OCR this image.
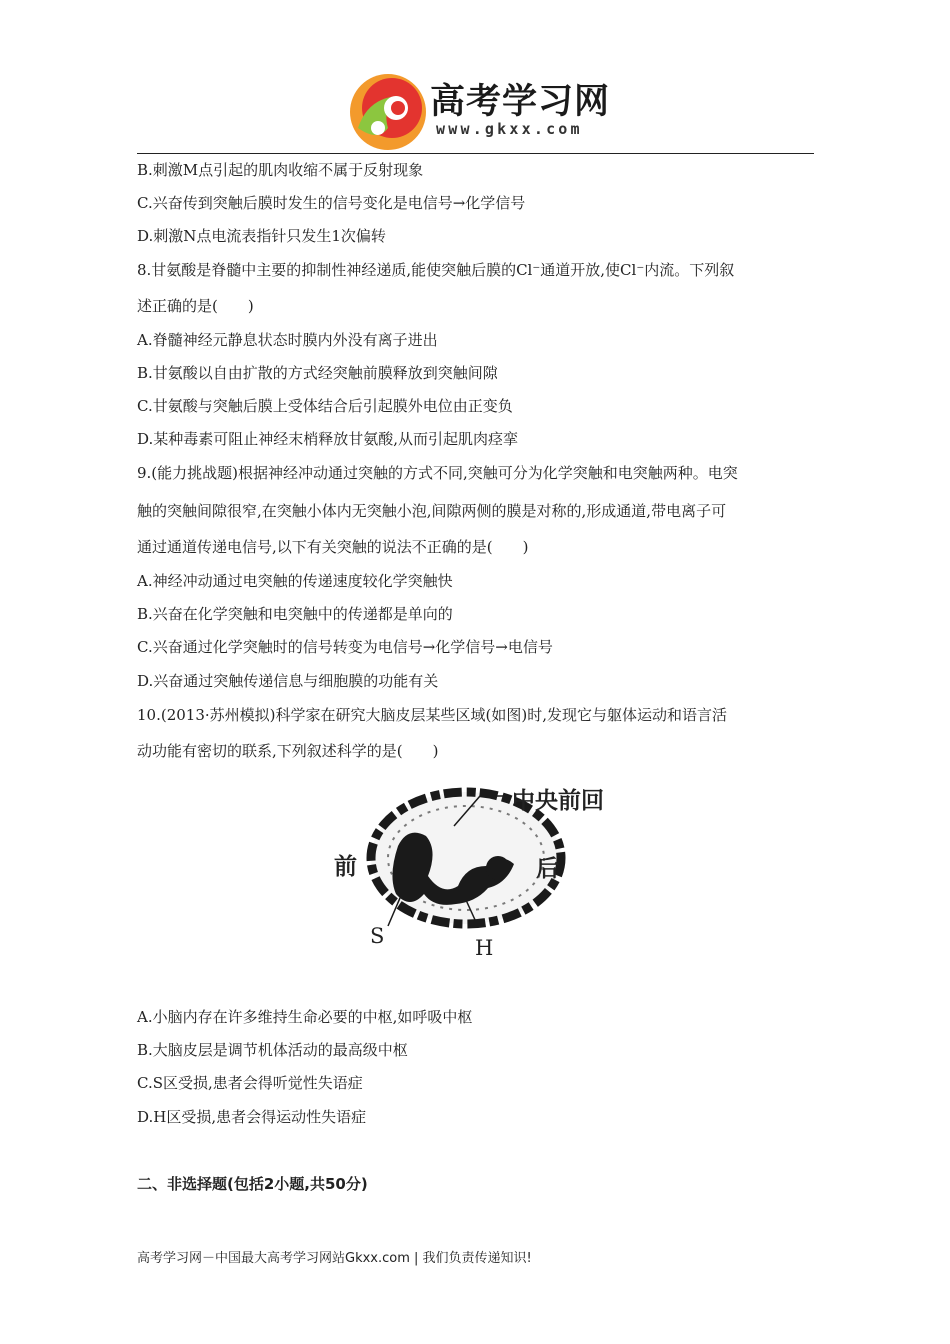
高考学习网
www.gkxx.com
B.刺激M点引起的肌肉收缩不属于反射现象
C.兴奋传到突触后膜时发生的信号变化是电信号→化学信号
D.刺激N点电流表指针只发生1次偏转
8.甘氨酸是脊髓中主要的抑制性神经递质,能使突触后膜的Cl⁻通道开放,使Cl⁻内流。下列叙
述正确的是(　　)
A.脊髓神经元静息状态时膜内外没有离子进出
B.甘氨酸以自由扩散的方式经突触前膜释放到突触间隙
C.甘氨酸与突触后膜上受体结合后引起膜外电位由正变负
D.某种毒素可阻止神经末梢释放甘氨酸,从而引起肌肉痉挛
9.(能力挑战题)根据神经冲动通过突触的方式不同,突触可分为化学突触和电突触两种。电突
触的突触间隙很窄,在突触小体内无突触小泡,间隙两侧的膜是对称的,形成通道,带电离子可
通过通道传递电信号,以下有关突触的说法不正确的是(　　)
A.神经冲动通过电突触的传递速度较化学突触快
B.兴奋在化学突触和电突触中的传递都是单向的
C.兴奋通过化学突触时的信号转变为电信号→化学信号→电信号
D.兴奋通过突触传递信息与细胞膜的功能有关
10.(2013·苏州模拟)科学家在研究大脑皮层某些区域(如图)时,发现它与躯体运动和语言活
动功能有密切的联系,下列叙述科学的是(　　)
中央前回
前	后
S	H
A.小脑内存在许多维持生命必要的中枢,如呼吸中枢
B.大脑皮层是调节机体活动的最高级中枢
C.S区受损,患者会得听觉性失语症
D.H区受损,患者会得运动性失语症
二、非选择题(包括2小题,共50分)
高考学习网－中国最大高考学习网站Gkxx.com | 我们负责传递知识!
